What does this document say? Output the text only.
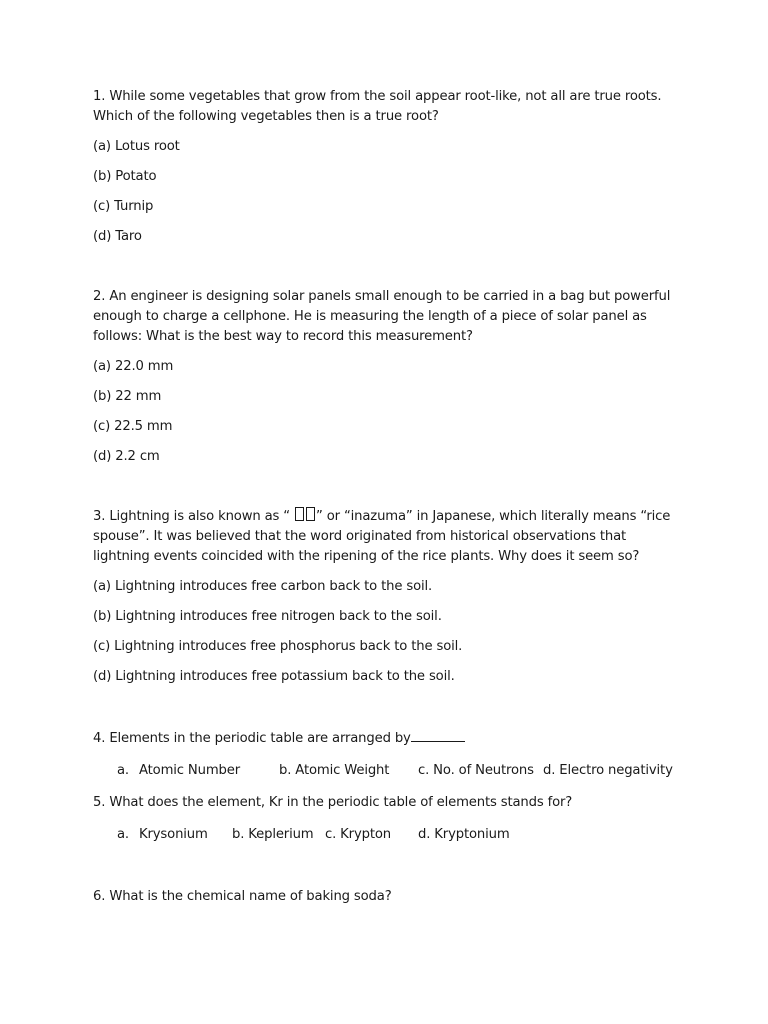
1. While some vegetables that grow from the soil appear root-like, not all are true roots. Which of the following vegetables then is a true root?

(a) Lotus root

(b) Potato

(c) Turnip

(d) Taro

2. An engineer is designing solar panels small enough to be carried in a bag but powerful enough to charge a cellphone. He is measuring the length of a piece of solar panel as follows: What is the best way to record this measurement?

(a) 22.0 mm

(b) 22 mm

(c) 22.5 mm

(d) 2.2 cm

3. Lightning is also known as “ ” or “inazuma” in Japanese, which literally means “rice spouse”. It was believed that the word originated from historical observations that lightning events coincided with the ripening of the rice plants. Why does it seem so?

(a) Lightning introduces free carbon back to the soil.

(b) Lightning introduces free nitrogen back to the soil.

(c) Lightning introduces free phosphorus back to the soil.

(d) Lightning introduces free potassium back to the soil.

4. Elements in the periodic table are arranged by

a. Atomic Number	b. Atomic Weight c. No. of Neutrons d. Electro negativity

5. What does the element, Kr in the periodic table of elements stands for?

a. Krysonium b. Keplerium c. Krypton d. Kryptonium

6. What is the chemical name of baking soda?
